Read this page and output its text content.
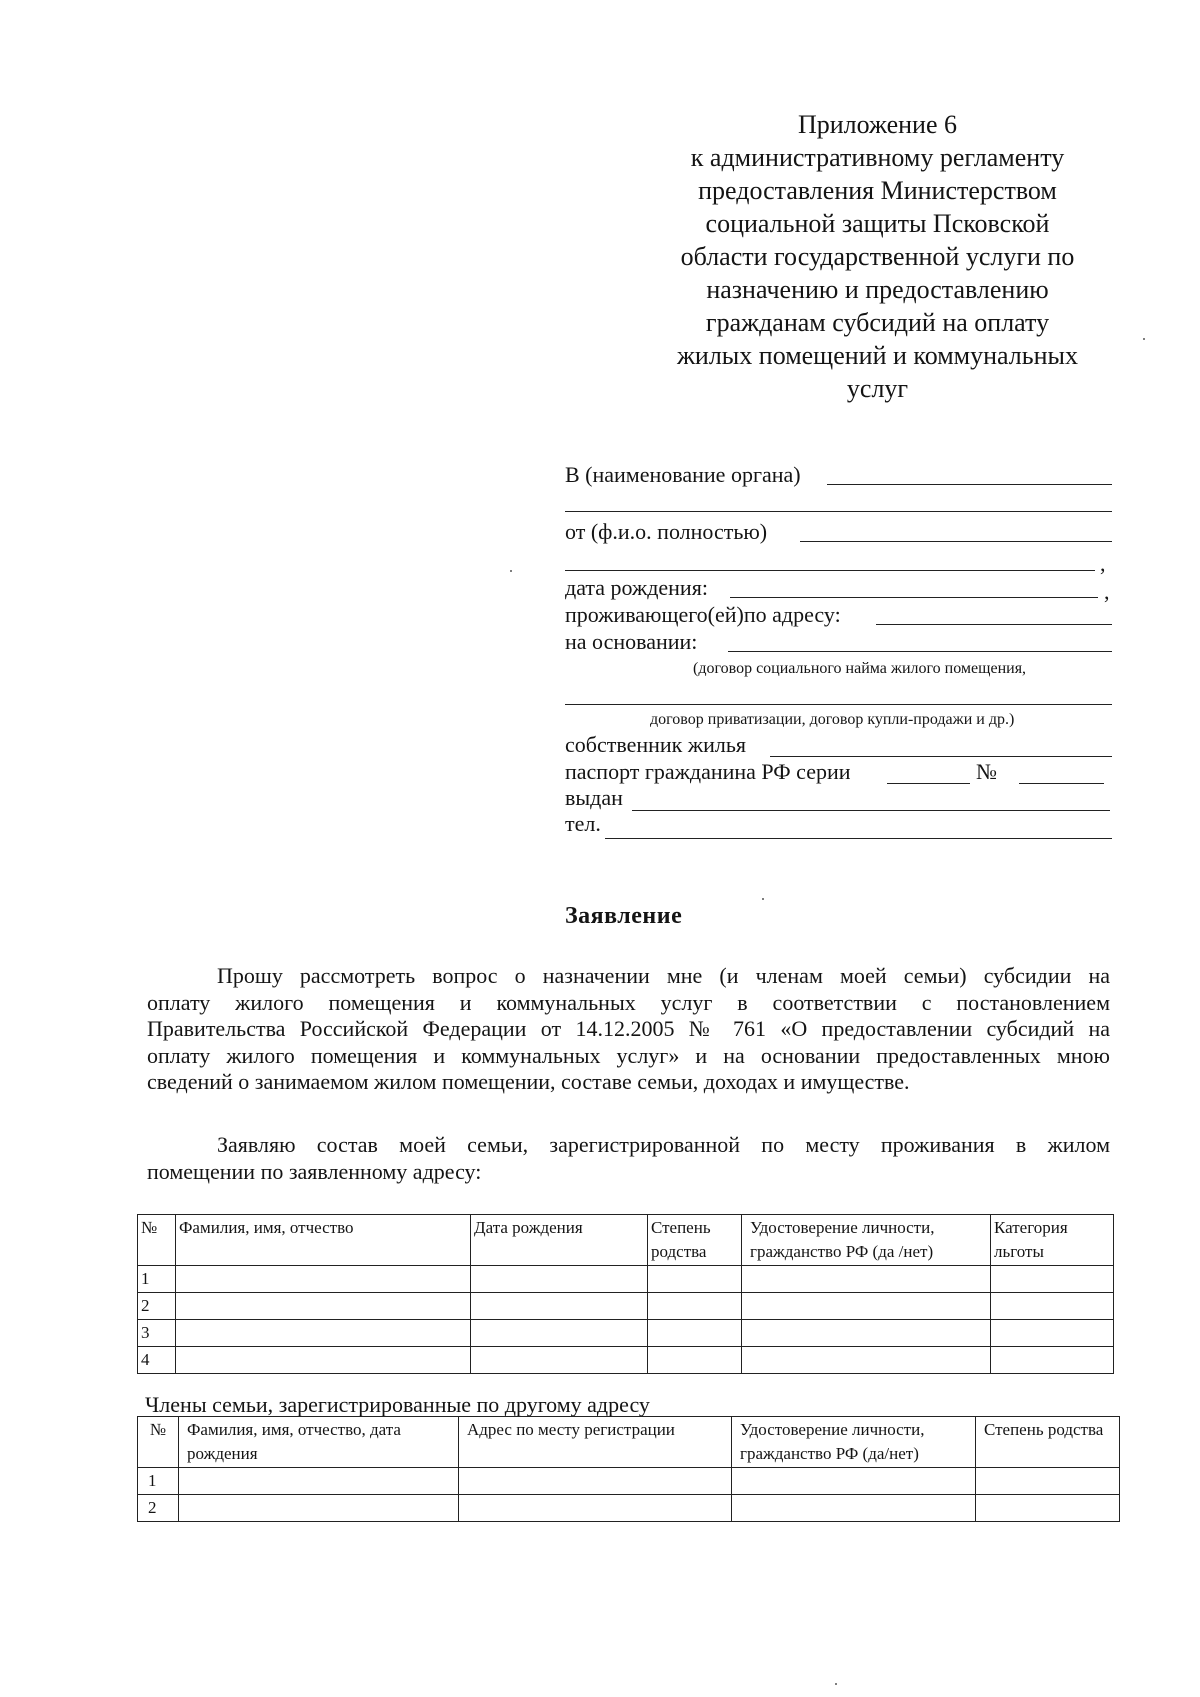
Приложение 6
к административному регламенту
предоставления Министерством
социальной защиты Псковской
области государственной услуги по
назначению и предоставлению
гражданам субсидий на оплату
жилых помещений и коммунальных
услуг
В (наименование органа)
от (ф.и.о. полностью)
,
дата рождения:	,
проживающего(ей)по адресу:
на основании:
(договор социального найма жилого помещения,
договор приватизации, договор купли-продажи и др.)
собственник жилья
паспорт гражданина РФ серии	№
выдан
тел.
Заявление
Прошу рассмотреть вопрос о назначении мне (и членам моей семьи) субсидии на
оплату жилого помещения и коммунальных услуг в соответствии с постановлением
Правительства Российской Федерации от 14.12.2005 № 761 «О предоставлении субсидий на
оплату жилого помещения и коммунальных услуг» и на основании предоставленных мною
сведений о занимаемом жилом помещении, составе семьи, доходах и имуществе.
Заявляю состав моей семьи, зарегистрированной по месту проживания в жилом
помещении по заявленному адресу:
№	Фамилия, имя, отчество	Дата рождения	Степень родства	Удостоверение личности, гражданство РФ (да /нет)	Категория льготы
1					
2					
3					
4					
Члены семьи, зарегистрированные по другому адресу
№	Фамилия, имя, отчество, дата рождения	Адрес по месту регистрации	Удостоверение личности, гражданство РФ (да/нет)	Степень родства
1				
2				
